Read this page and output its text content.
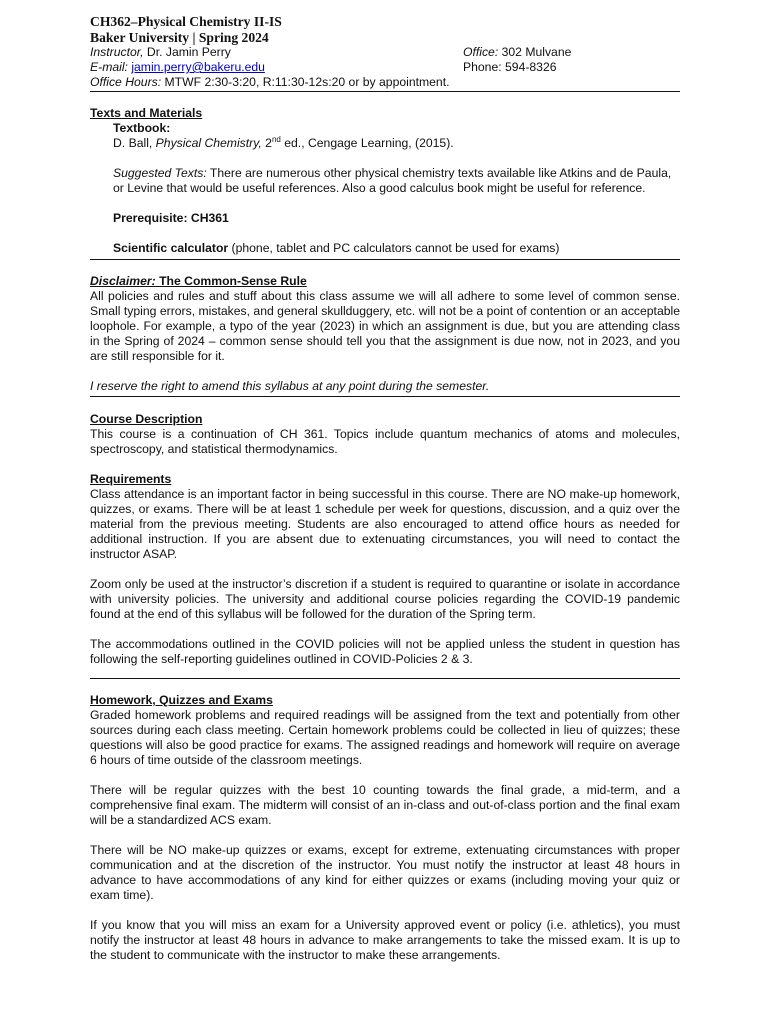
CH362–Physical Chemistry II-IS
Baker University | Spring 2024
Instructor, Dr. Jamin Perry	Office: 302 Mulvane
E-mail: jamin.perry@bakeru.edu	Phone: 594-8326
Office Hours: MTWF 2:30-3:20, R:11:30-12s:20 or by appointment.
Texts and Materials
Textbook:
D. Ball, Physical Chemistry, 2nd ed., Cengage Learning, (2015).

Suggested Texts: There are numerous other physical chemistry texts available like Atkins and de Paula, or Levine that would be useful references. Also a good calculus book might be useful for reference.

Prerequisite: CH361
Scientific calculator (phone, tablet and PC calculators cannot be used for exams)
Disclaimer: The Common-Sense Rule

All policies and rules and stuff about this class assume we will all adhere to some level of common sense. Small typing errors, mistakes, and general skullduggery, etc. will not be a point of contention or an acceptable loophole. For example, a typo of the year (2023) in which an assignment is due, but you are attending class in the Spring of 2024 – common sense should tell you that the assignment is due now, not in 2023, and you are still responsible for it.

I reserve the right to amend this syllabus at any point during the semester.

Course Description

This course is a continuation of CH 361. Topics include quantum mechanics of atoms and molecules, spectroscopy, and statistical thermodynamics.

Requirements

Class attendance is an important factor in being successful in this course. There are NO make-up homework, quizzes, or exams. There will be at least 1 schedule per week for questions, discussion, and a quiz over the material from the previous meeting. Students are also encouraged to attend office hours as needed for additional instruction. If you are absent due to extenuating circumstances, you will need to contact the instructor ASAP.

Zoom only be used at the instructor’s discretion if a student is required to quarantine or isolate in accordance with university policies. The university and additional course policies regarding the COVID-19 pandemic found at the end of this syllabus will be followed for the duration of the Spring term.

The accommodations outlined in the COVID policies will not be applied unless the student in question has following the self-reporting guidelines outlined in COVID-Policies 2 & 3.

Homework, Quizzes and Exams

Graded homework problems and required readings will be assigned from the text and potentially from other sources during each class meeting. Certain homework problems could be collected in lieu of quizzes; these questions will also be good practice for exams. The assigned readings and homework will require on average 6 hours of time outside of the classroom meetings.

There will be regular quizzes with the best 10 counting towards the final grade, a mid-term, and a comprehensive final exam. The midterm will consist of an in-class and out-of-class portion and the final exam will be a standardized ACS exam.

There will be NO make-up quizzes or exams, except for extreme, extenuating circumstances with proper communication and at the discretion of the instructor. You must notify the instructor at least 48 hours in advance to have accommodations of any kind for either quizzes or exams (including moving your quiz or exam time).

If you know that you will miss an exam for a University approved event or policy (i.e. athletics), you must notify the instructor at least 48 hours in advance to make arrangements to take the missed exam. It is up to the student to communicate with the instructor to make these arrangements.
